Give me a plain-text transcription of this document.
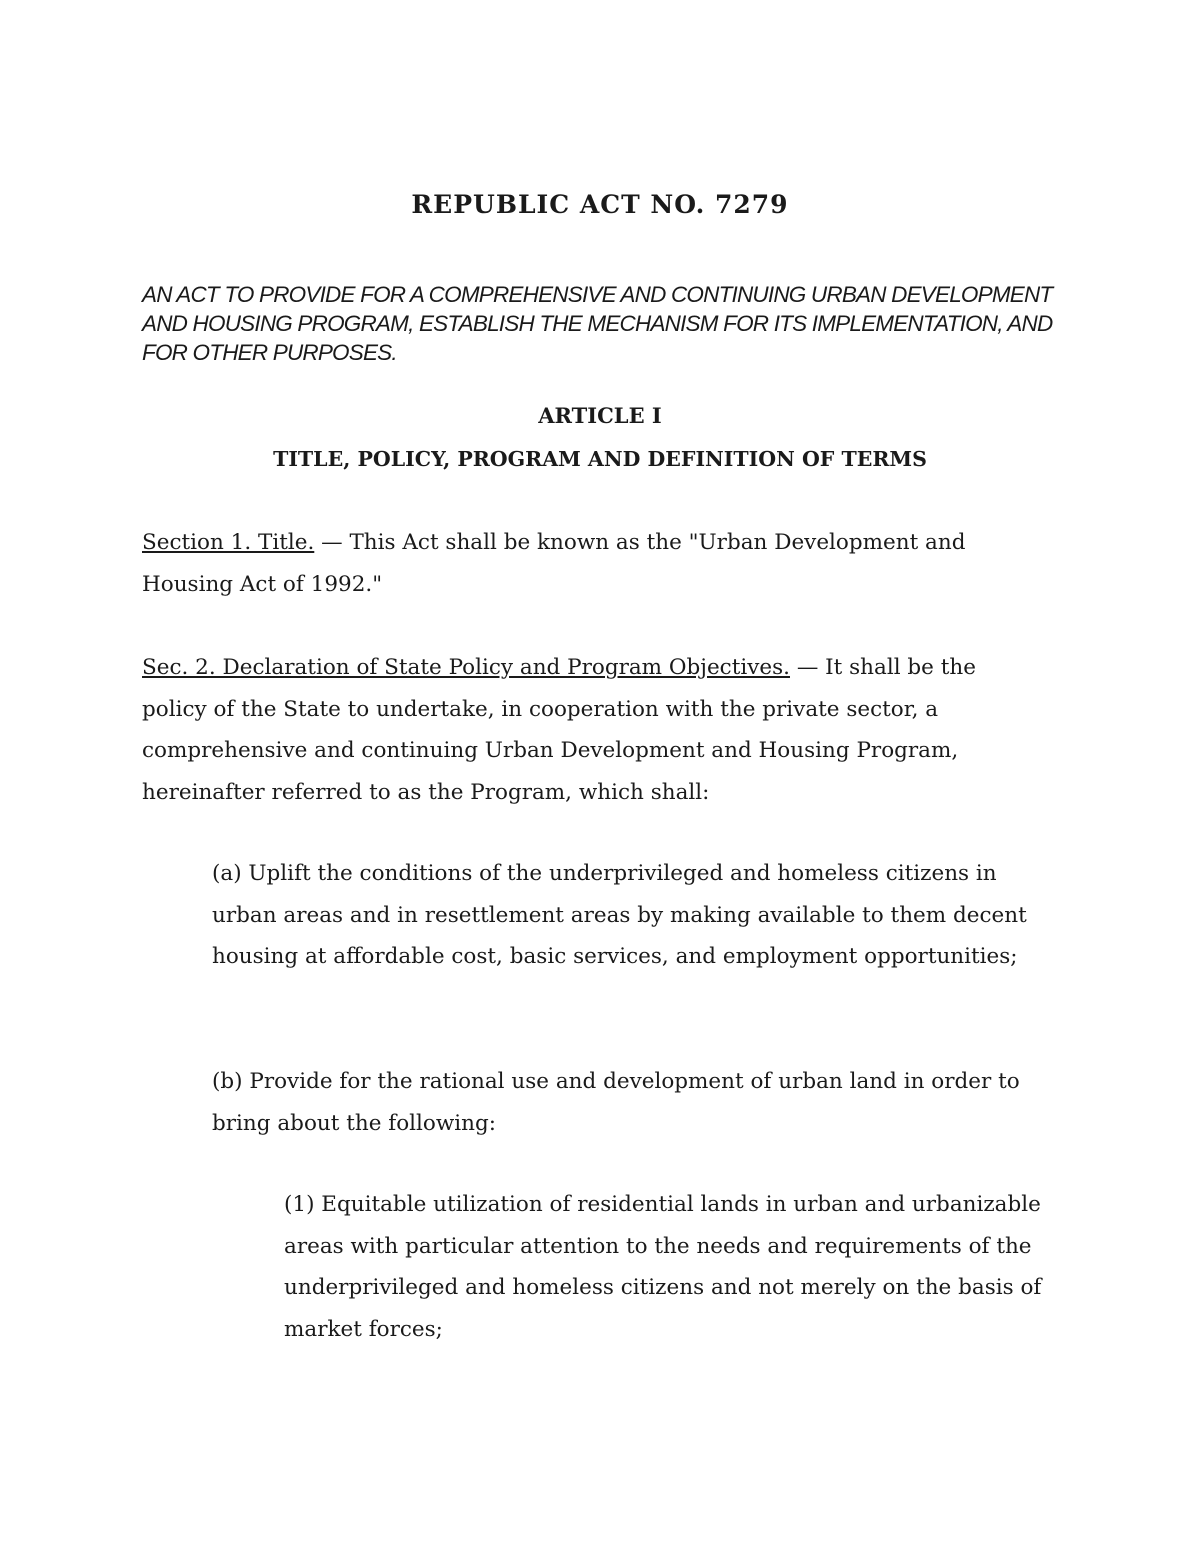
REPUBLIC ACT NO. 7279

AN ACT TO PROVIDE FOR A COMPREHENSIVE AND CONTINUING URBAN DEVELOPMENT AND HOUSING PROGRAM, ESTABLISH THE MECHANISM FOR ITS IMPLEMENTATION, AND FOR OTHER PURPOSES.

ARTICLE I
TITLE, POLICY, PROGRAM AND DEFINITION OF TERMS

Section 1. Title. — This Act shall be known as the "Urban Development and Housing Act of 1992."

Sec. 2. Declaration of State Policy and Program Objectives. — It shall be the policy of the State to undertake, in cooperation with the private sector, a comprehensive and continuing Urban Development and Housing Program, hereinafter referred to as the Program, which shall:

(a) Uplift the conditions of the underprivileged and homeless citizens in urban areas and in resettlement areas by making available to them decent housing at affordable cost, basic services, and employment opportunities;

(b) Provide for the rational use and development of urban land in order to bring about the following:

(1) Equitable utilization of residential lands in urban and urbanizable areas with particular attention to the needs and requirements of the underprivileged and homeless citizens and not merely on the basis of market forces;
